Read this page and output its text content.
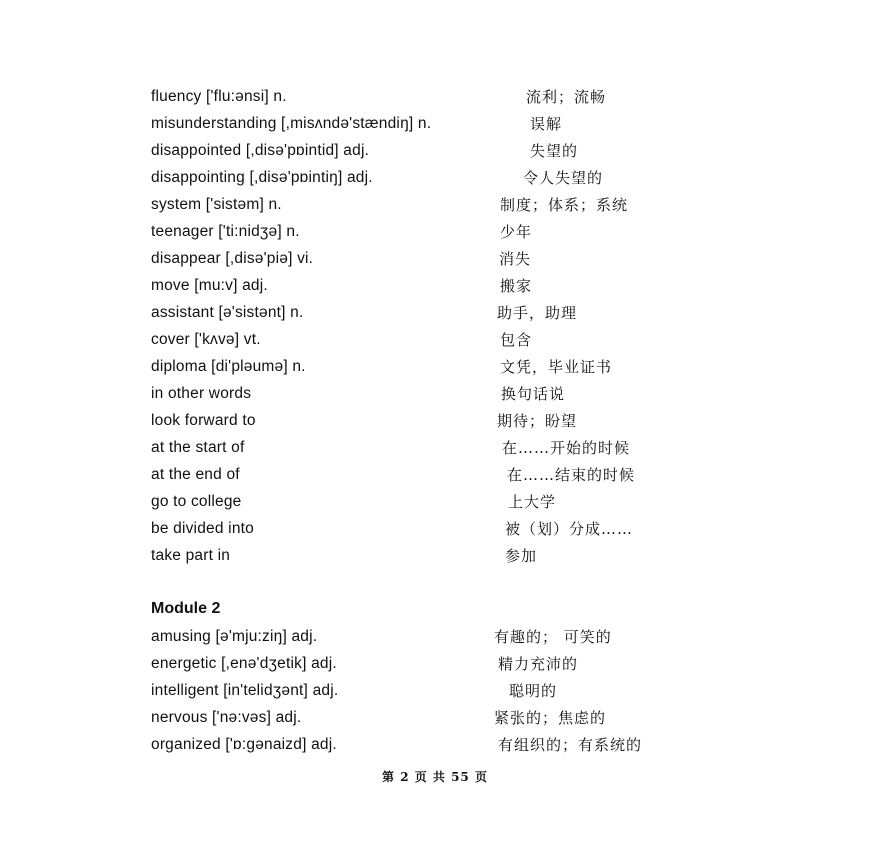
fluency ['flu:ənsi] n.	流利；流畅
misunderstanding [,misʌndə'stændiŋ] n.	误解
disappointed [,disə'pɒintid] adj.	失望的
disappointing [,disə'pɒintiŋ] adj.	令人失望的
system ['sistəm] n.	制度；体系；系统
teenager ['ti:nidʒə] n.	少年
disappear [,disə'piə] vi.	消失
move [mu:v] adj.	搬家
assistant [ə'sistənt] n.	助手，助理
cover ['kʌvə] vt.	包含
diploma [di'pləumə] n.	文凭，毕业证书
in other words	换句话说
look forward to	期待；盼望
at the start of	在……开始的时候
at the end of	在……结束的时候
go to college	上大学
be divided into	被（划）分成……
take part in	参加
Module 2
amusing [ə'mju:ziŋ] adj.	有趣的； 可笑的
energetic [,enə'dʒetik] adj.	精力充沛的
intelligent [in'telidʒənt] adj.	聪明的
nervous ['nə:vəs] adj.	紧张的；焦虑的
organized ['ɒ:gənaizd] adj.	有组织的；有系统的
第 2 页 共 55 页
